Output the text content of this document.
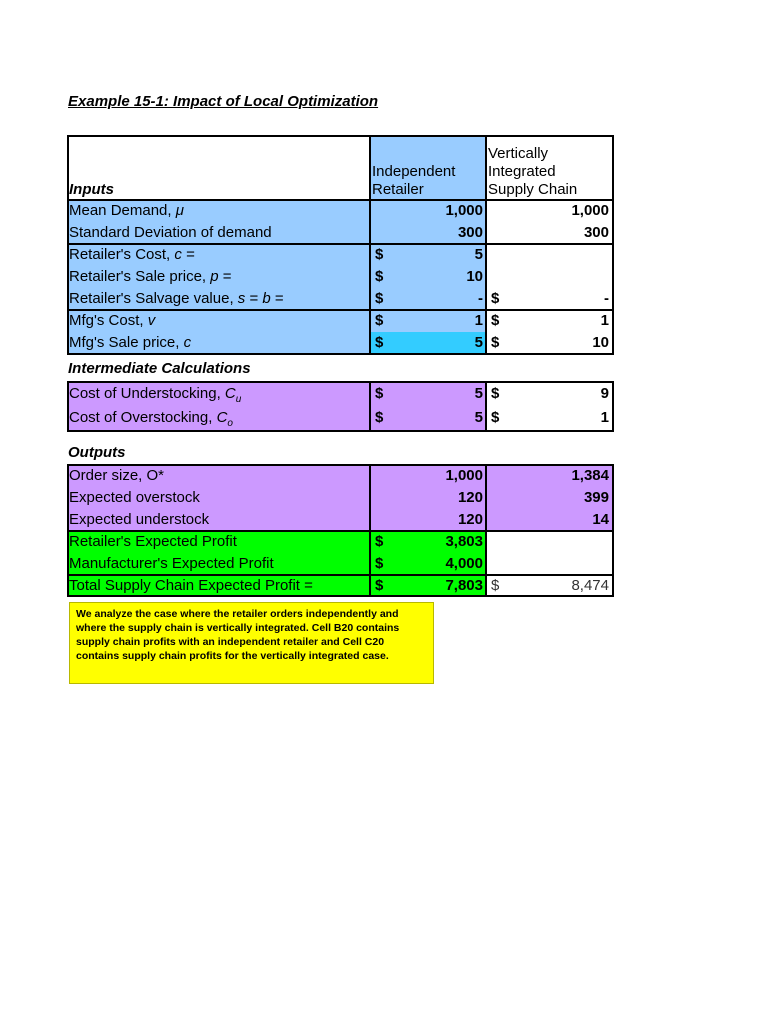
Example 15-1: Impact of Local Optimization
Inputs
Independent
Retailer
Vertically
Integrated
Supply Chain
Mean Demand, μ	1,000	1,000
Standard Deviation of demand	300	300
Retailer's Cost, c =	$	5
Retailer's Sale price, p =	$	10
Retailer's Salvage value, s = b =	$	- $	-
Mfg's Cost, v	$	1 $	1
Mfg's Sale price, c	$	5 $	10
Intermediate Calculations
Cost of Understocking, $C_u$	$	5 $	9
Cost of Overstocking, $C_o$	$	5 $	1
Outputs
Order size, O*	1,000	1,384
Expected overstock	120	399
Expected understock	120	14
Retailer's Expected Profit	$	3,803
Manufacturer's Expected Profit	$	4,000
Total Supply Chain Expected Profit =	$	7,803 $	8,474
We analyze the case where the retailer orders independently and where the supply chain is vertically integrated. Cell B20 contains supply chain profits with an independent retailer and Cell C20 contains supply chain profits for the vertically integrated case.
